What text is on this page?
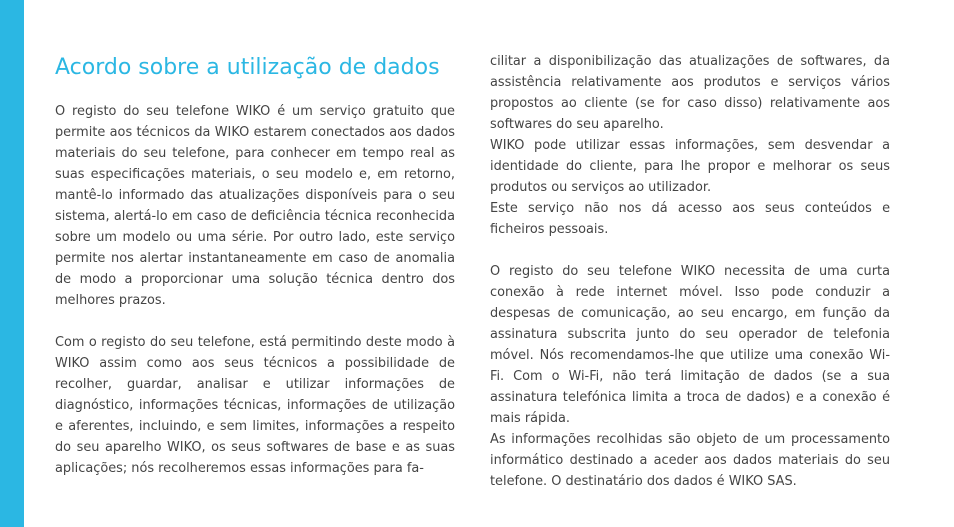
Acordo sobre a utilização de dados

O registo do seu telefone WIKO é um serviço gratuito que permite aos técnicos da WIKO estarem conectados aos dados materiais do seu telefone, para conhecer em tempo real as suas especificações materiais, o seu modelo e, em retorno, mantê-lo informado das atualizações disponíveis para o seu sistema, alertá-lo em caso de deficiência técnica reconhecida sobre um modelo ou uma série. Por outro lado, este serviço permite nos alertar instantaneamente em caso de anomalia de modo a proporcionar uma solução técnica dentro dos melhores prazos.

Com o registo do seu telefone, está permitindo deste modo à WIKO assim como aos seus técnicos a possibilidade de recolher, guardar, analisar e utilizar informações de diagnóstico, informações técnicas, informações de utilização e aferentes, incluindo, e sem limites, informações a respeito do seu aparelho WIKO, os seus softwares de base e as suas aplicações; nós recolheremos essas informações para fa-

cilitar a disponibilização das atualizações de softwares, da assistência relativamente aos produtos e serviços vários propostos ao cliente (se for caso disso) relativamente aos softwares do seu aparelho.

WIKO pode utilizar essas informações, sem desvendar a identidade do cliente, para lhe propor e melhorar os seus produtos ou serviços ao utilizador.

Este serviço não nos dá acesso aos seus conteúdos e ficheiros pessoais.

O registo do seu telefone WIKO necessita de uma curta conexão à rede internet móvel. Isso pode conduzir a despesas de comunicação, ao seu encargo, em função da assinatura subscrita junto do seu operador de telefonia móvel. Nós recomendamos-lhe que utilize uma conexão Wi-Fi. Com o Wi-Fi, não terá limitação de dados (se a sua assinatura telefónica limita a troca de dados) e a conexão é mais rápida.

As informações recolhidas são objeto de um processamento informático destinado a aceder aos dados materiais do seu telefone. O destinatário dos dados é WIKO SAS.
